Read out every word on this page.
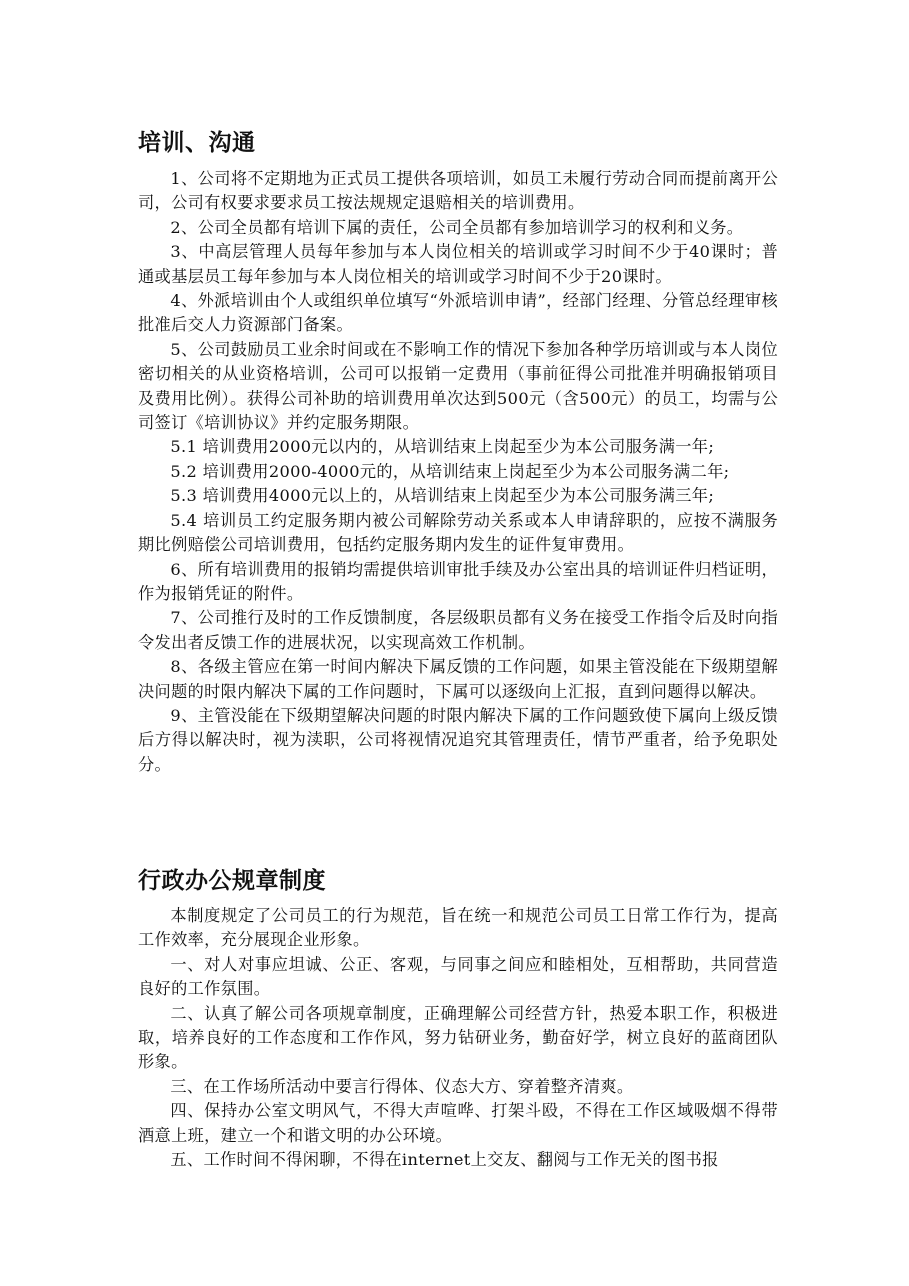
培训、沟通

1、公司将不定期地为正式员工提供各项培训，如员工未履行劳动合同而提前离开公司，公司有权要求要求员工按法规规定退赔相关的培训费用。

2、公司全员都有培训下属的责任，公司全员都有参加培训学习的权利和义务。

3、中高层管理人员每年参加与本人岗位相关的培训或学习时间不少于40课时；普通或基层员工每年参加与本人岗位相关的培训或学习时间不少于20课时。

4、外派培训由个人或组织单位填写“外派培训申请”，经部门经理、分管总经理审核批准后交人力资源部门备案。

5、公司鼓励员工业余时间或在不影响工作的情况下参加各种学历培训或与本人岗位密切相关的从业资格培训，公司可以报销一定费用（事前征得公司批准并明确报销项目及费用比例）。获得公司补助的培训费用单次达到500元（含500元）的员工，均需与公司签订《培训协议》并约定服务期限。

5.1 培训费用2000元以内的，从培训结束上岗起至少为本公司服务满一年;

5.2 培训费用2000-4000元的，从培训结束上岗起至少为本公司服务满二年;

5.3 培训费用4000元以上的，从培训结束上岗起至少为本公司服务满三年;

5.4 培训员工约定服务期内被公司解除劳动关系或本人申请辞职的，应按不满服务期比例赔偿公司培训费用，包括约定服务期内发生的证件复审费用。

6、所有培训费用的报销均需提供培训审批手续及办公室出具的培训证件归档证明，作为报销凭证的附件。

7、公司推行及时的工作反馈制度，各层级职员都有义务在接受工作指令后及时向指令发出者反馈工作的进展状况，以实现高效工作机制。

8、各级主管应在第一时间内解决下属反馈的工作问题，如果主管没能在下级期望解决问题的时限内解决下属的工作问题时，下属可以逐级向上汇报，直到问题得以解决。

9、主管没能在下级期望解决问题的时限内解决下属的工作问题致使下属向上级反馈后方得以解决时，视为渎职，公司将视情况追究其管理责任，情节严重者，给予免职处分。

行政办公规章制度

本制度规定了公司员工的行为规范，旨在统一和规范公司员工日常工作行为，提高工作效率，充分展现企业形象。

一、对人对事应坦诚、公正、客观，与同事之间应和睦相处，互相帮助，共同营造良好的工作氛围。

二、认真了解公司各项规章制度，正确理解公司经营方针，热爱本职工作，积极进取，培养良好的工作态度和工作作风，努力钻研业务，勤奋好学，树立良好的蓝商团队形象。

三、在工作场所活动中要言行得体、仪态大方、穿着整齐清爽。

四、保持办公室文明风气，不得大声喧哗、打架斗殴，不得在工作区域吸烟不得带酒意上班，建立一个和谐文明的办公环境。

五、工作时间不得闲聊，不得在internet上交友、翻阅与工作无关的图书报
